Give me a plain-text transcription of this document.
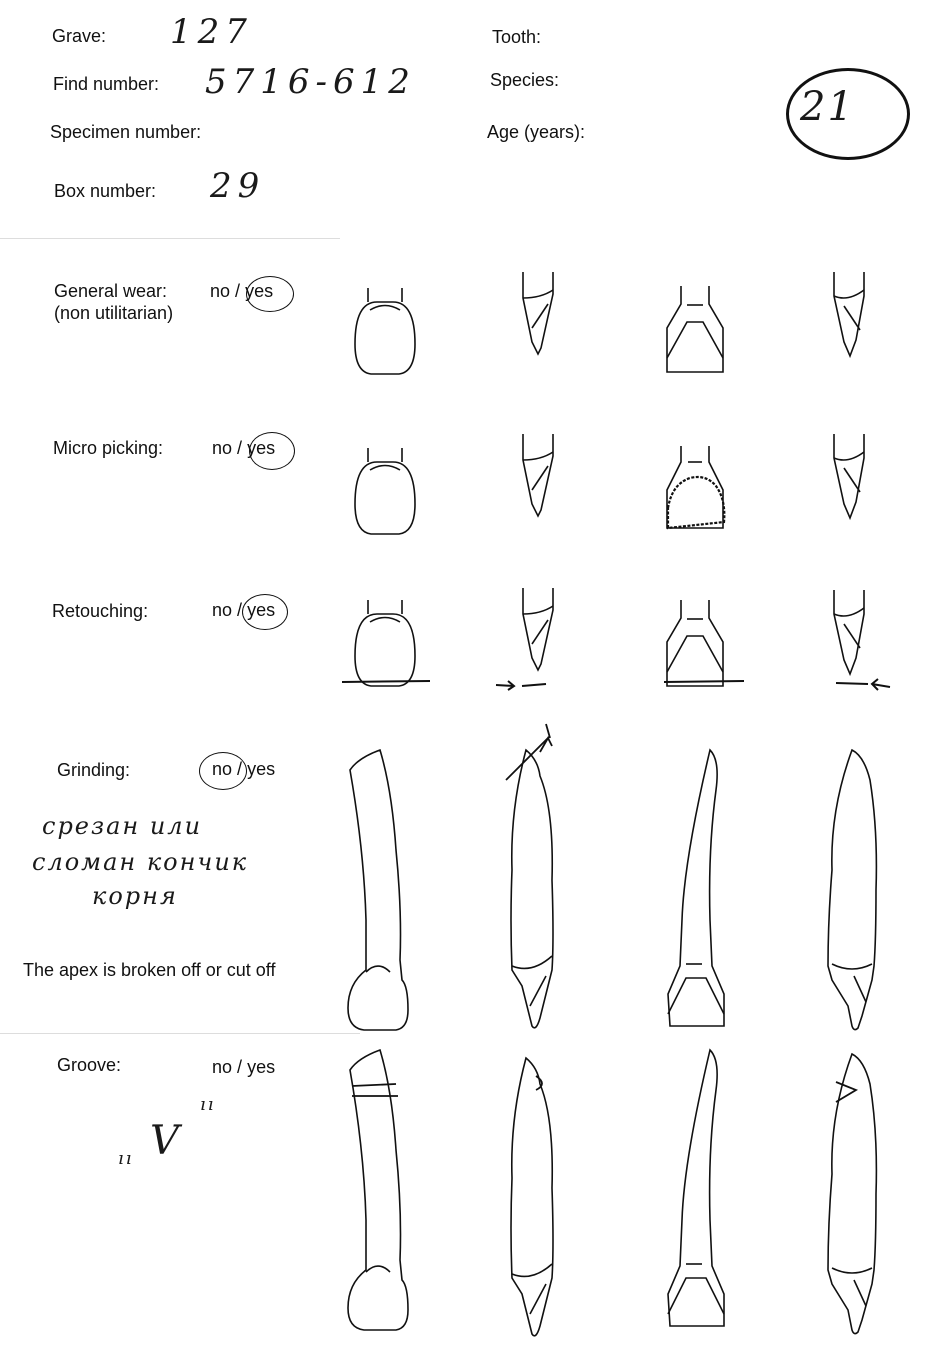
Grave: 127
Find number: 5716-612
Specimen number:
Box number: 29
Tooth:
Species:
Age (years):
21
General wear:
(non utilitarian)
no / yes
Micro picking:	no / yes
Retouching:	no / yes
Grinding:	no / yes
срезан или
сломан кончик
корня
The apex is broken off or cut off
Groove:	no / yes
V
ıı
ıı
